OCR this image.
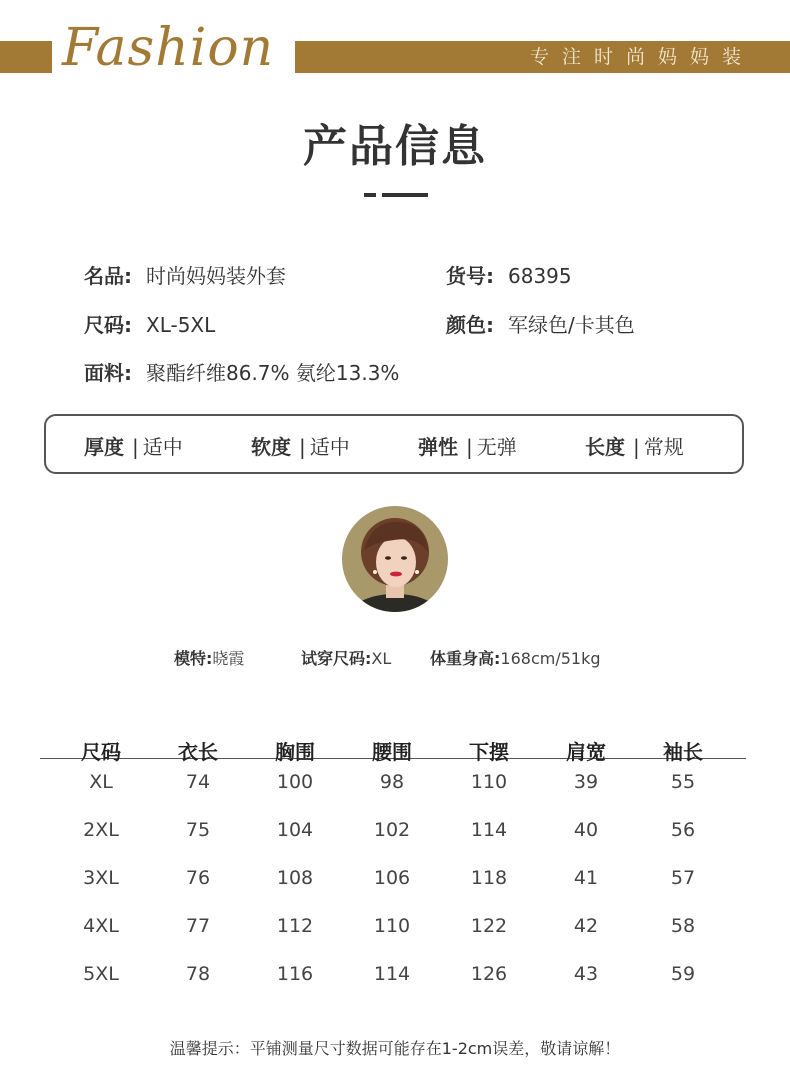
Fashion	专注时尚妈妈装
产品信息
名品: 时尚妈妈装外套	货号: 68395
尺码: XL-5XL	颜色: 军绿色/卡其色
面料: 聚酯纤维86.7% 氨纶13.3%
厚度 | 适中	软度 | 适中	弹性 | 无弹	长度 | 常规
模特:晓霞	试穿尺码:XL 体重身高:168cm/51kg
尺码	衣长	胸围	腰围	下摆	肩宽	袖长
XL	74	100	98	110	39	55
2XL	75	104	102	114	40	56
3XL	76	108	106	118	41	57
4XL	77	112	110	122	42	58
5XL	78	116	114	126	43	59
温馨提示：平铺测量尺寸数据可能存在1-2cm误差，敬请谅解！
